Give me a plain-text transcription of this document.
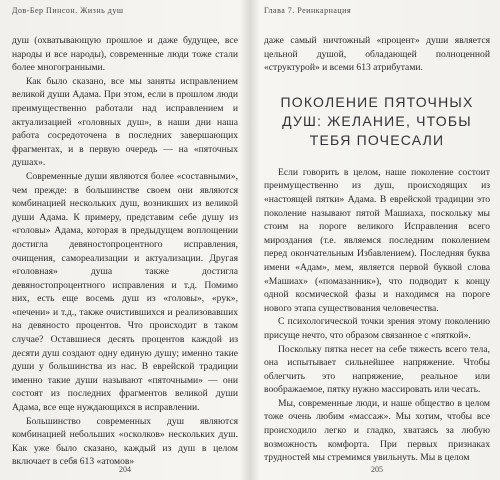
Дов-Бер Пинсон. Жизнь душ

душ (охватывающую прошлое и даже будущее, все народы и все народы), современные люди тоже стали более многогранными.

Как было сказано, все мы заняты исправлением великой души Адама. При этом, если в прошлом люди преимущественно работали над исправлением и актуализацией «головных душ», в наши дни наша работа сосредоточена в последних завершающих фрагментах, и в первую очередь — на «пяточных душах».

Современные души являются более «составными», чем прежде: в большинстве своем они являются комбинацией нескольких душ, возникших из великой души Адама. К примеру, представим себе душу из «головы» Адама, которая в предыдущем воплощении достигла девяностопроцентного исправления, очищения, самореализации и актуализации. Другая «головная» душа также достигла девяностопроцентного исправления и т.д. Помимо них, есть еще восемь душ из «головы», «рук», «печени» и т.д., также очистившихся и реализовавших на девяносто процентов. Что происходит в таком случае? Оставшиеся десять процентов каждой из десяти душ создают одну единую душу; именно такие души у большинства из нас. В еврейской традиции именно такие души называют «пяточными» — они состоят из последних фрагментов великой души Адама, все еще нуждающихся в исправлении.

Большинство современных душ являются комбинацией небольших «осколков» нескольких душ. Как уже было сказано, каждый из душ в целом включает в себя 613 «атомов»

204
Глава 7. Реинкарнация

даже самый ничтожный «процент» души является цельной душой, обладающей полноценной «структурой» и всеми 613 атрибутами.

ПОКОЛЕНИЕ ПЯТОЧНЫХ ДУШ: ЖЕЛАНИЕ, ЧТОБЫ ТЕБЯ ПОЧЕСАЛИ

Если говорить в целом, наше поколение состоит преимущественно из душ, происходящих из «настоящей пятки» Адама. В еврейской традиции это поколение называют пятой Машиаха, поскольку мы стоим на пороге великого Исправления всего мироздания (т.е. являемся последним поколением перед окончательным Избавлением). Последняя буква имени «Адам», мем, является первой буквой слова «Машиах» («помазанник»), что подводит к концу одной космической фазы и находимся на пороге нового этапа существования человечества.

С психологической точки зрения этому поколению присуще нечто, что образом связанное с «пяткой».

Поскольку пятка несет на себе тяжесть всего тела, она испытывает сильнейшее напряжение. Чтобы облегчить это напряжение, реальное или воображаемое, пятку нужно массировать или чесать.

Мы, современные люди, и наше общество в целом тоже очень любим «массаж». Мы хотим, чтобы все происходило легко и гладко, хватаясь за любую возможность комфорта. При первых признаках трудностей мы стремимся увильнуть. Мы в целом

205
